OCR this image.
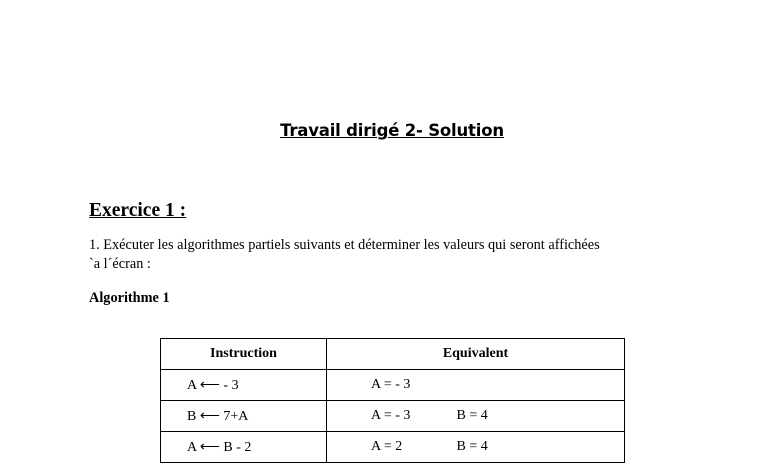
Travail dirigé 2- Solution
Exercice 1 :
1. Exécuter les algorithmes partiels suivants et déterminer les valeurs qui seront affichées
`a l´écran :
Algorithme 1
Instruction	Equivalent
A ⟵ - 3	A = - 3
B ⟵ 7+A	A = - 3 B = 4
A ⟵ B - 2	A = 2 B = 4
